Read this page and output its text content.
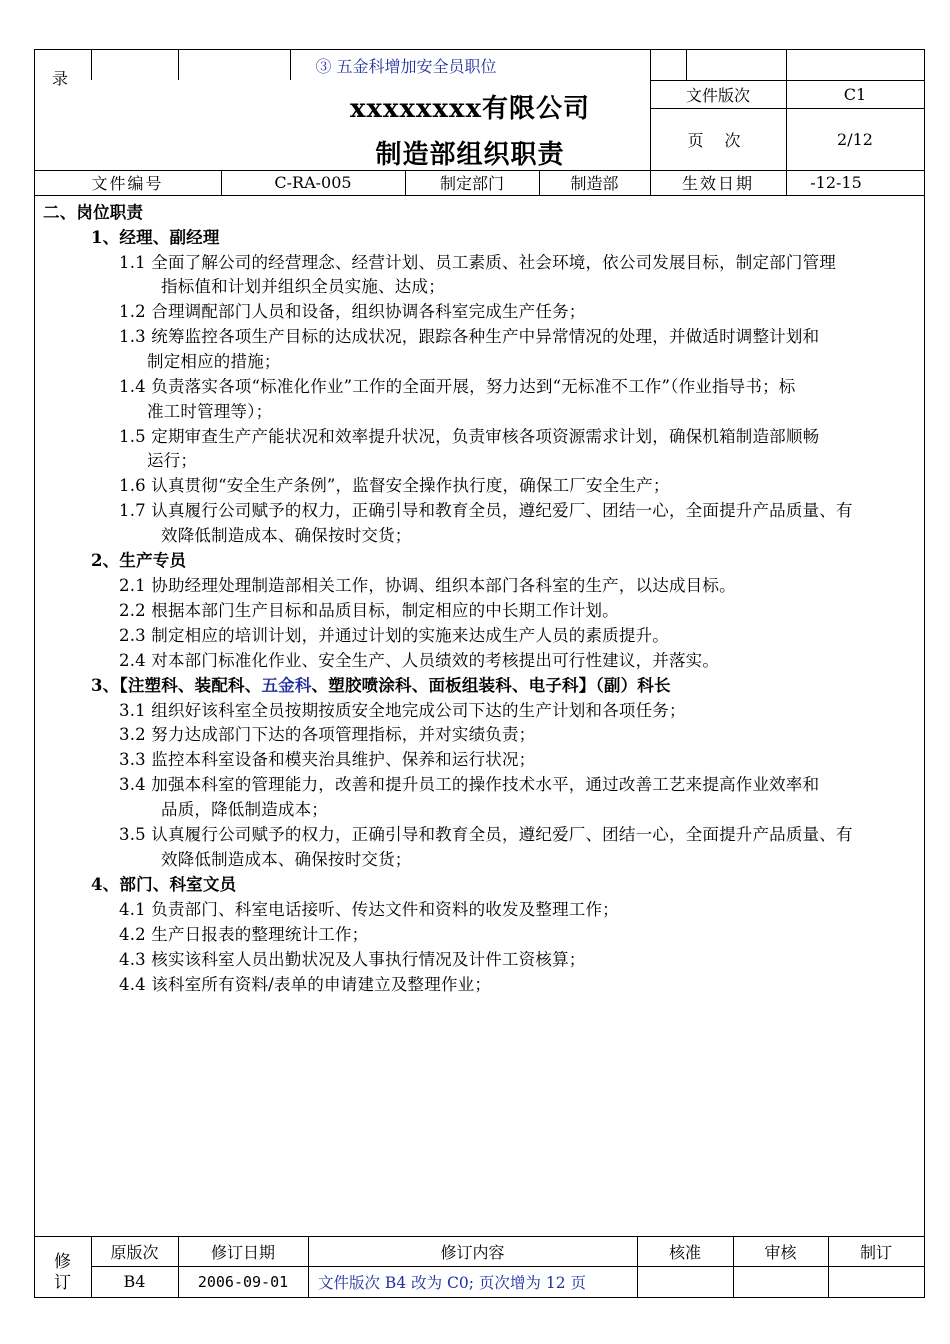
录
③ 五金科增加安全员职位
xxxxxxxx有限公司
制造部组织职责
文件版次	C1
页 次	2/12
文件编号	C-RA-005	制定部门	制造部	生效日期	-12-15
二、岗位职责
1、经理、副经理
1.1 全面了解公司的经营理念、经营计划、员工素质、社会环境，依公司发展目标，制定部门管理
指标值和计划并组织全员实施、达成；
1.2 合理调配部门人员和设备，组织协调各科室完成生产任务；
1.3 统筹监控各项生产目标的达成状况，跟踪各种生产中异常情况的处理，并做适时调整计划和
制定相应的措施；
1.4 负责落实各项“标准化作业”工作的全面开展，努力达到“无标准不工作”（作业指导书；标
准工时管理等）；
1.5 定期审查生产产能状况和效率提升状况，负责审核各项资源需求计划，确保机箱制造部顺畅
运行；
1.6 认真贯彻“安全生产条例”，监督安全操作执行度，确保工厂安全生产；
1.7 认真履行公司赋予的权力，正确引导和教育全员，遵纪爱厂、团结一心，全面提升产品质量、有
效降低制造成本、确保按时交货；
2、生产专员
2.1 协助经理处理制造部相关工作，协调、组织本部门各科室的生产，以达成目标。
2.2 根据本部门生产目标和品质目标，制定相应的中长期工作计划。
2.3 制定相应的培训计划，并通过计划的实施来达成生产人员的素质提升。
2.4 对本部门标准化作业、安全生产、人员绩效的考核提出可行性建议，并落实。
3、【注塑科、装配科、五金科、塑胶喷涂科、面板组装科、电子科】（副）科长
3.1 组织好该科室全员按期按质安全地完成公司下达的生产计划和各项任务；
3.2 努力达成部门下达的各项管理指标，并对实绩负责；
3.3 监控本科室设备和模夹治具维护、保养和运行状况；
3.4 加强本科室的管理能力，改善和提升员工的操作技术水平，通过改善工艺来提高作业效率和
品质，降低制造成本；
3.5 认真履行公司赋予的权力，正确引导和教育全员，遵纪爱厂、团结一心，全面提升产品质量、有
效降低制造成本、确保按时交货；
4、部门、科室文员
4.1 负责部门、科室电话接听、传达文件和资料的收发及整理工作；
4.2 生产日报表的整理统计工作；
4.3 核实该科室人员出勤状况及人事执行情况及计件工资核算；
4.4 该科室所有资料/表单的申请建立及整理作业；
修
订
原版次	修订日期	修订内容	核准	审核	制订
B4	2006-09-01	文件版次 B4 改为 C0; 页次增为 12 页
